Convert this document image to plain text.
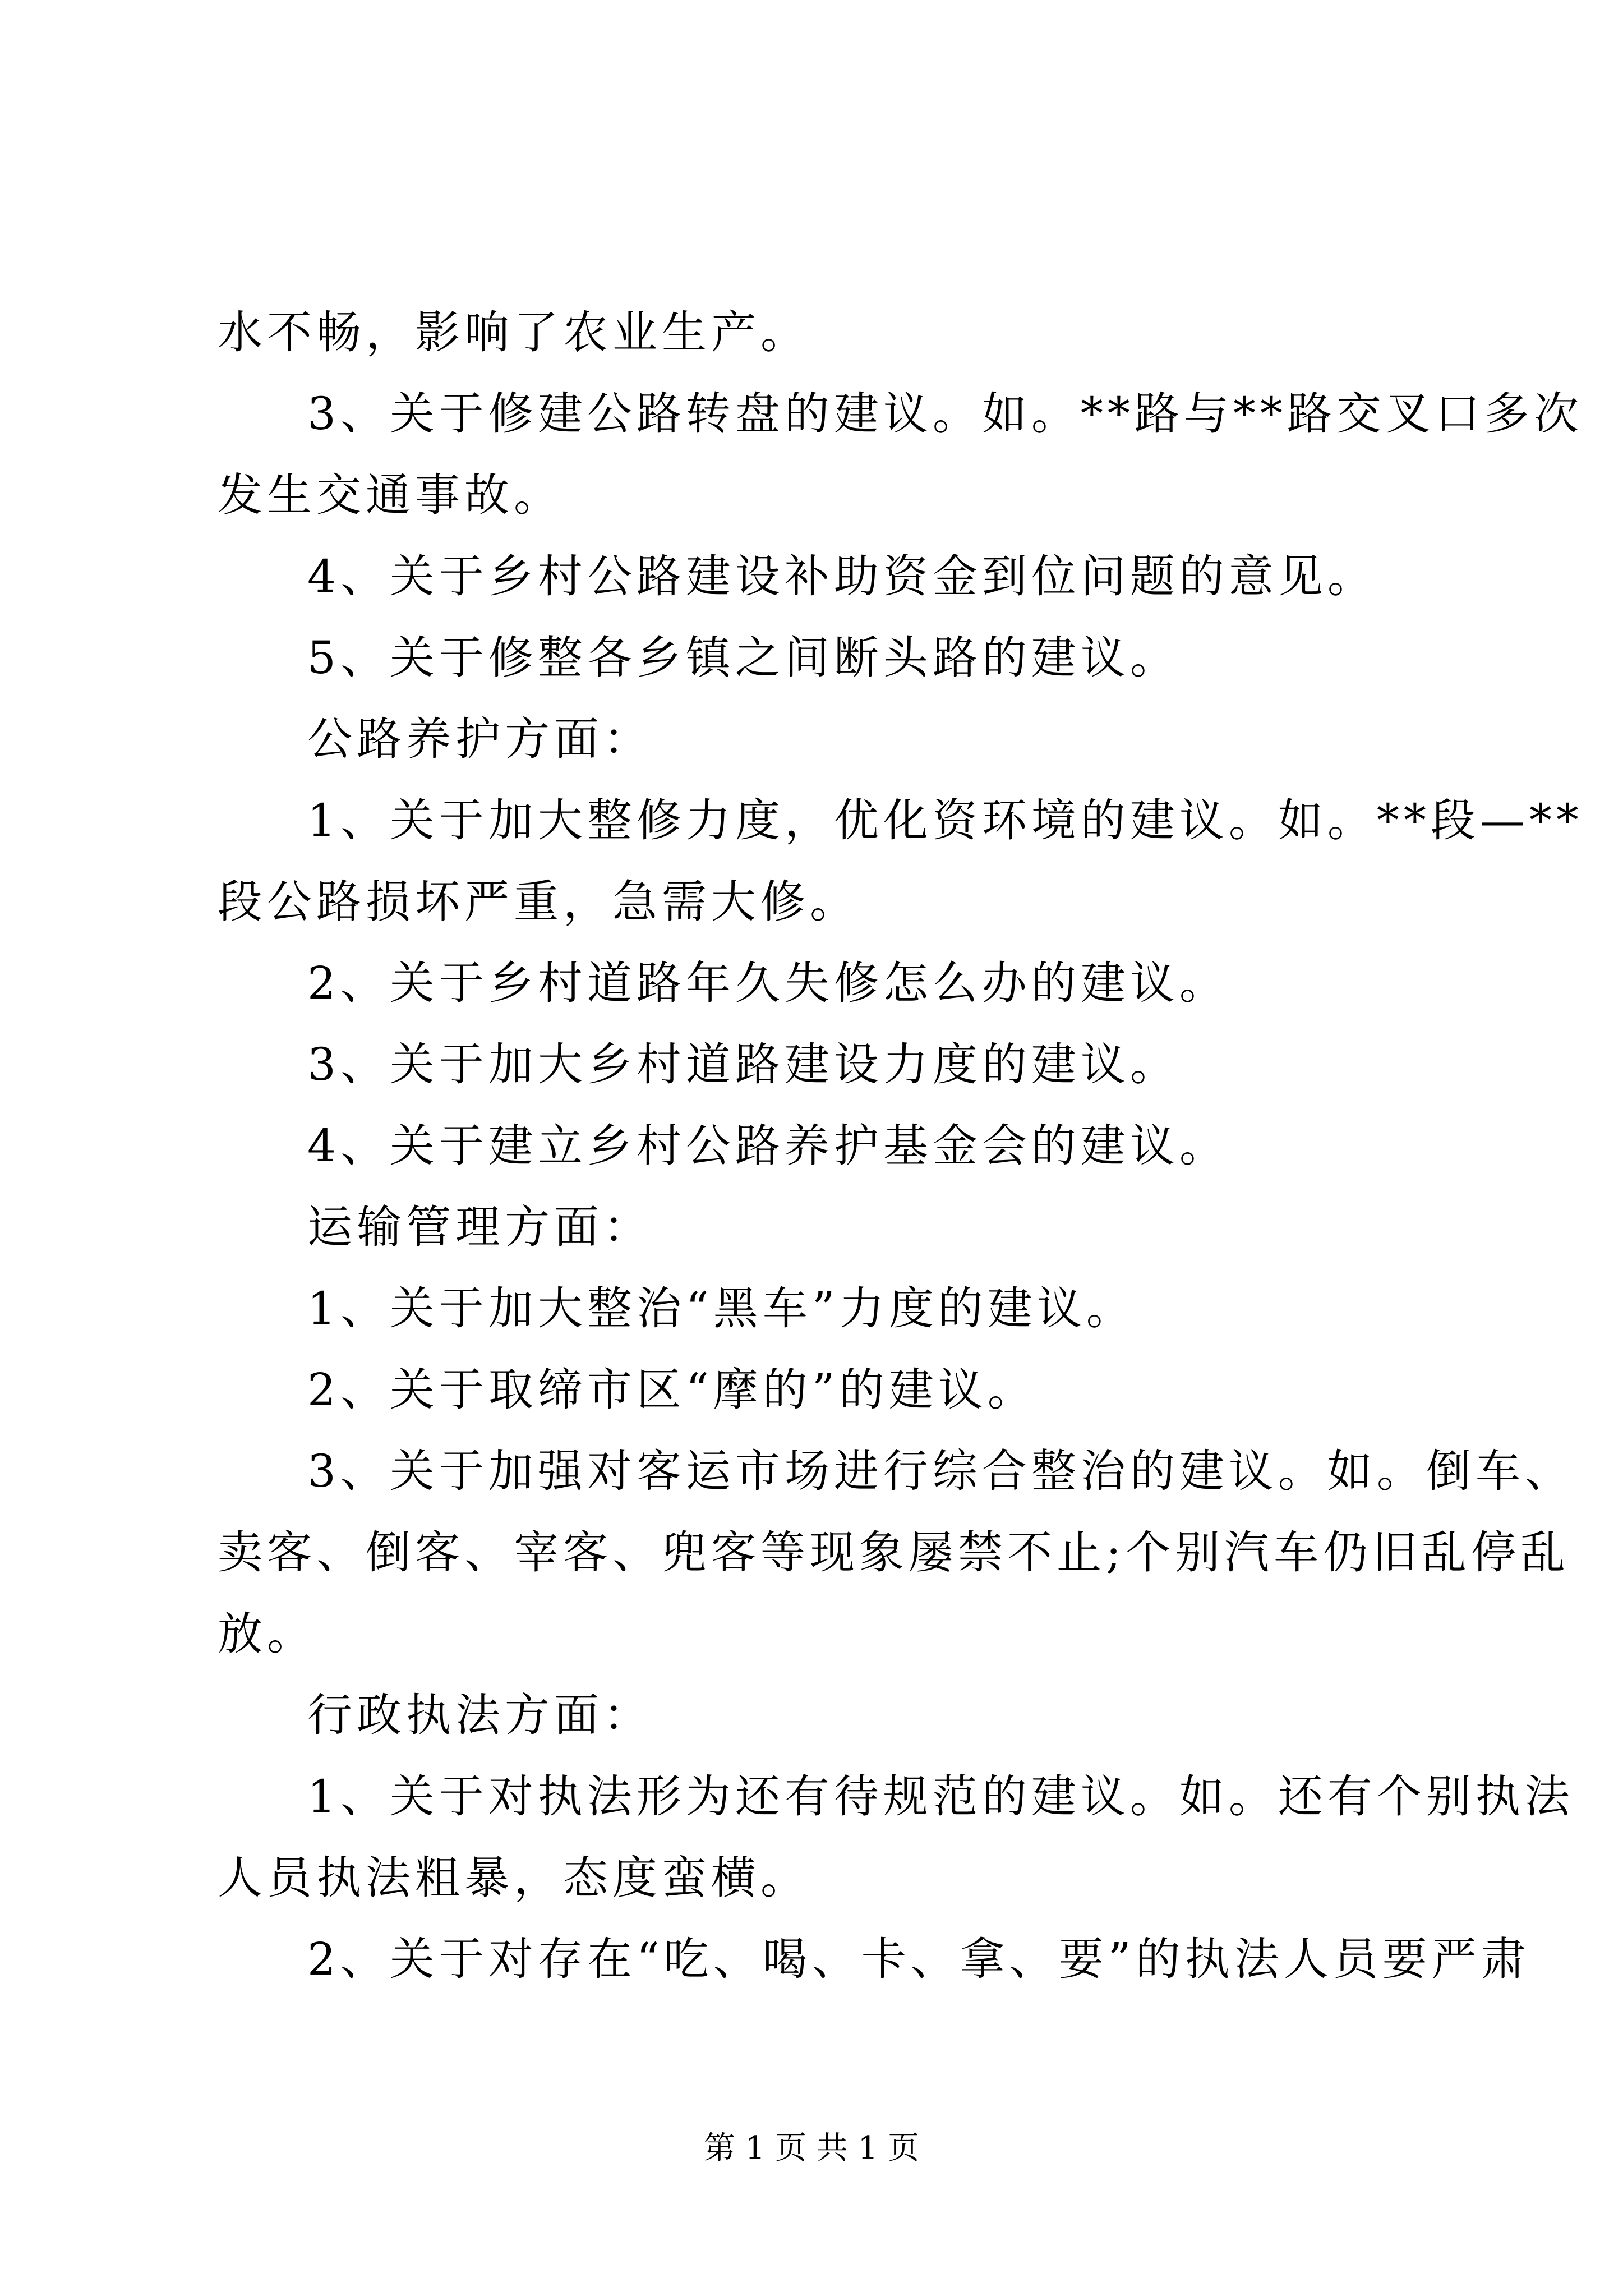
水不畅，影响了农业生产。
3、关于修建公路转盘的建议。如。**路与**路交叉口多次
发生交通事故。
4、关于乡村公路建设补助资金到位问题的意见。
5、关于修整各乡镇之间断头路的建议。
公路养护方面：
1、关于加大整修力度，优化资环境的建议。如。**段—**
段公路损坏严重，急需大修。
2、关于乡村道路年久失修怎么办的建议。
3、关于加大乡村道路建设力度的建议。
4、关于建立乡村公路养护基金会的建议。
运输管理方面：
1、关于加大整治“黑车”力度的建议。
2、关于取缔市区“摩的”的建议。
3、关于加强对客运市场进行综合整治的建议。如。倒车、
卖客、倒客、宰客、兜客等现象屡禁不止;个别汽车仍旧乱停乱
放。
行政执法方面：
1、关于对执法形为还有待规范的建议。如。还有个别执法
人员执法粗暴，态度蛮横。
2、关于对存在“吃、喝、卡、拿、要”的执法人员要严肃
第 1 页 共 1 页
